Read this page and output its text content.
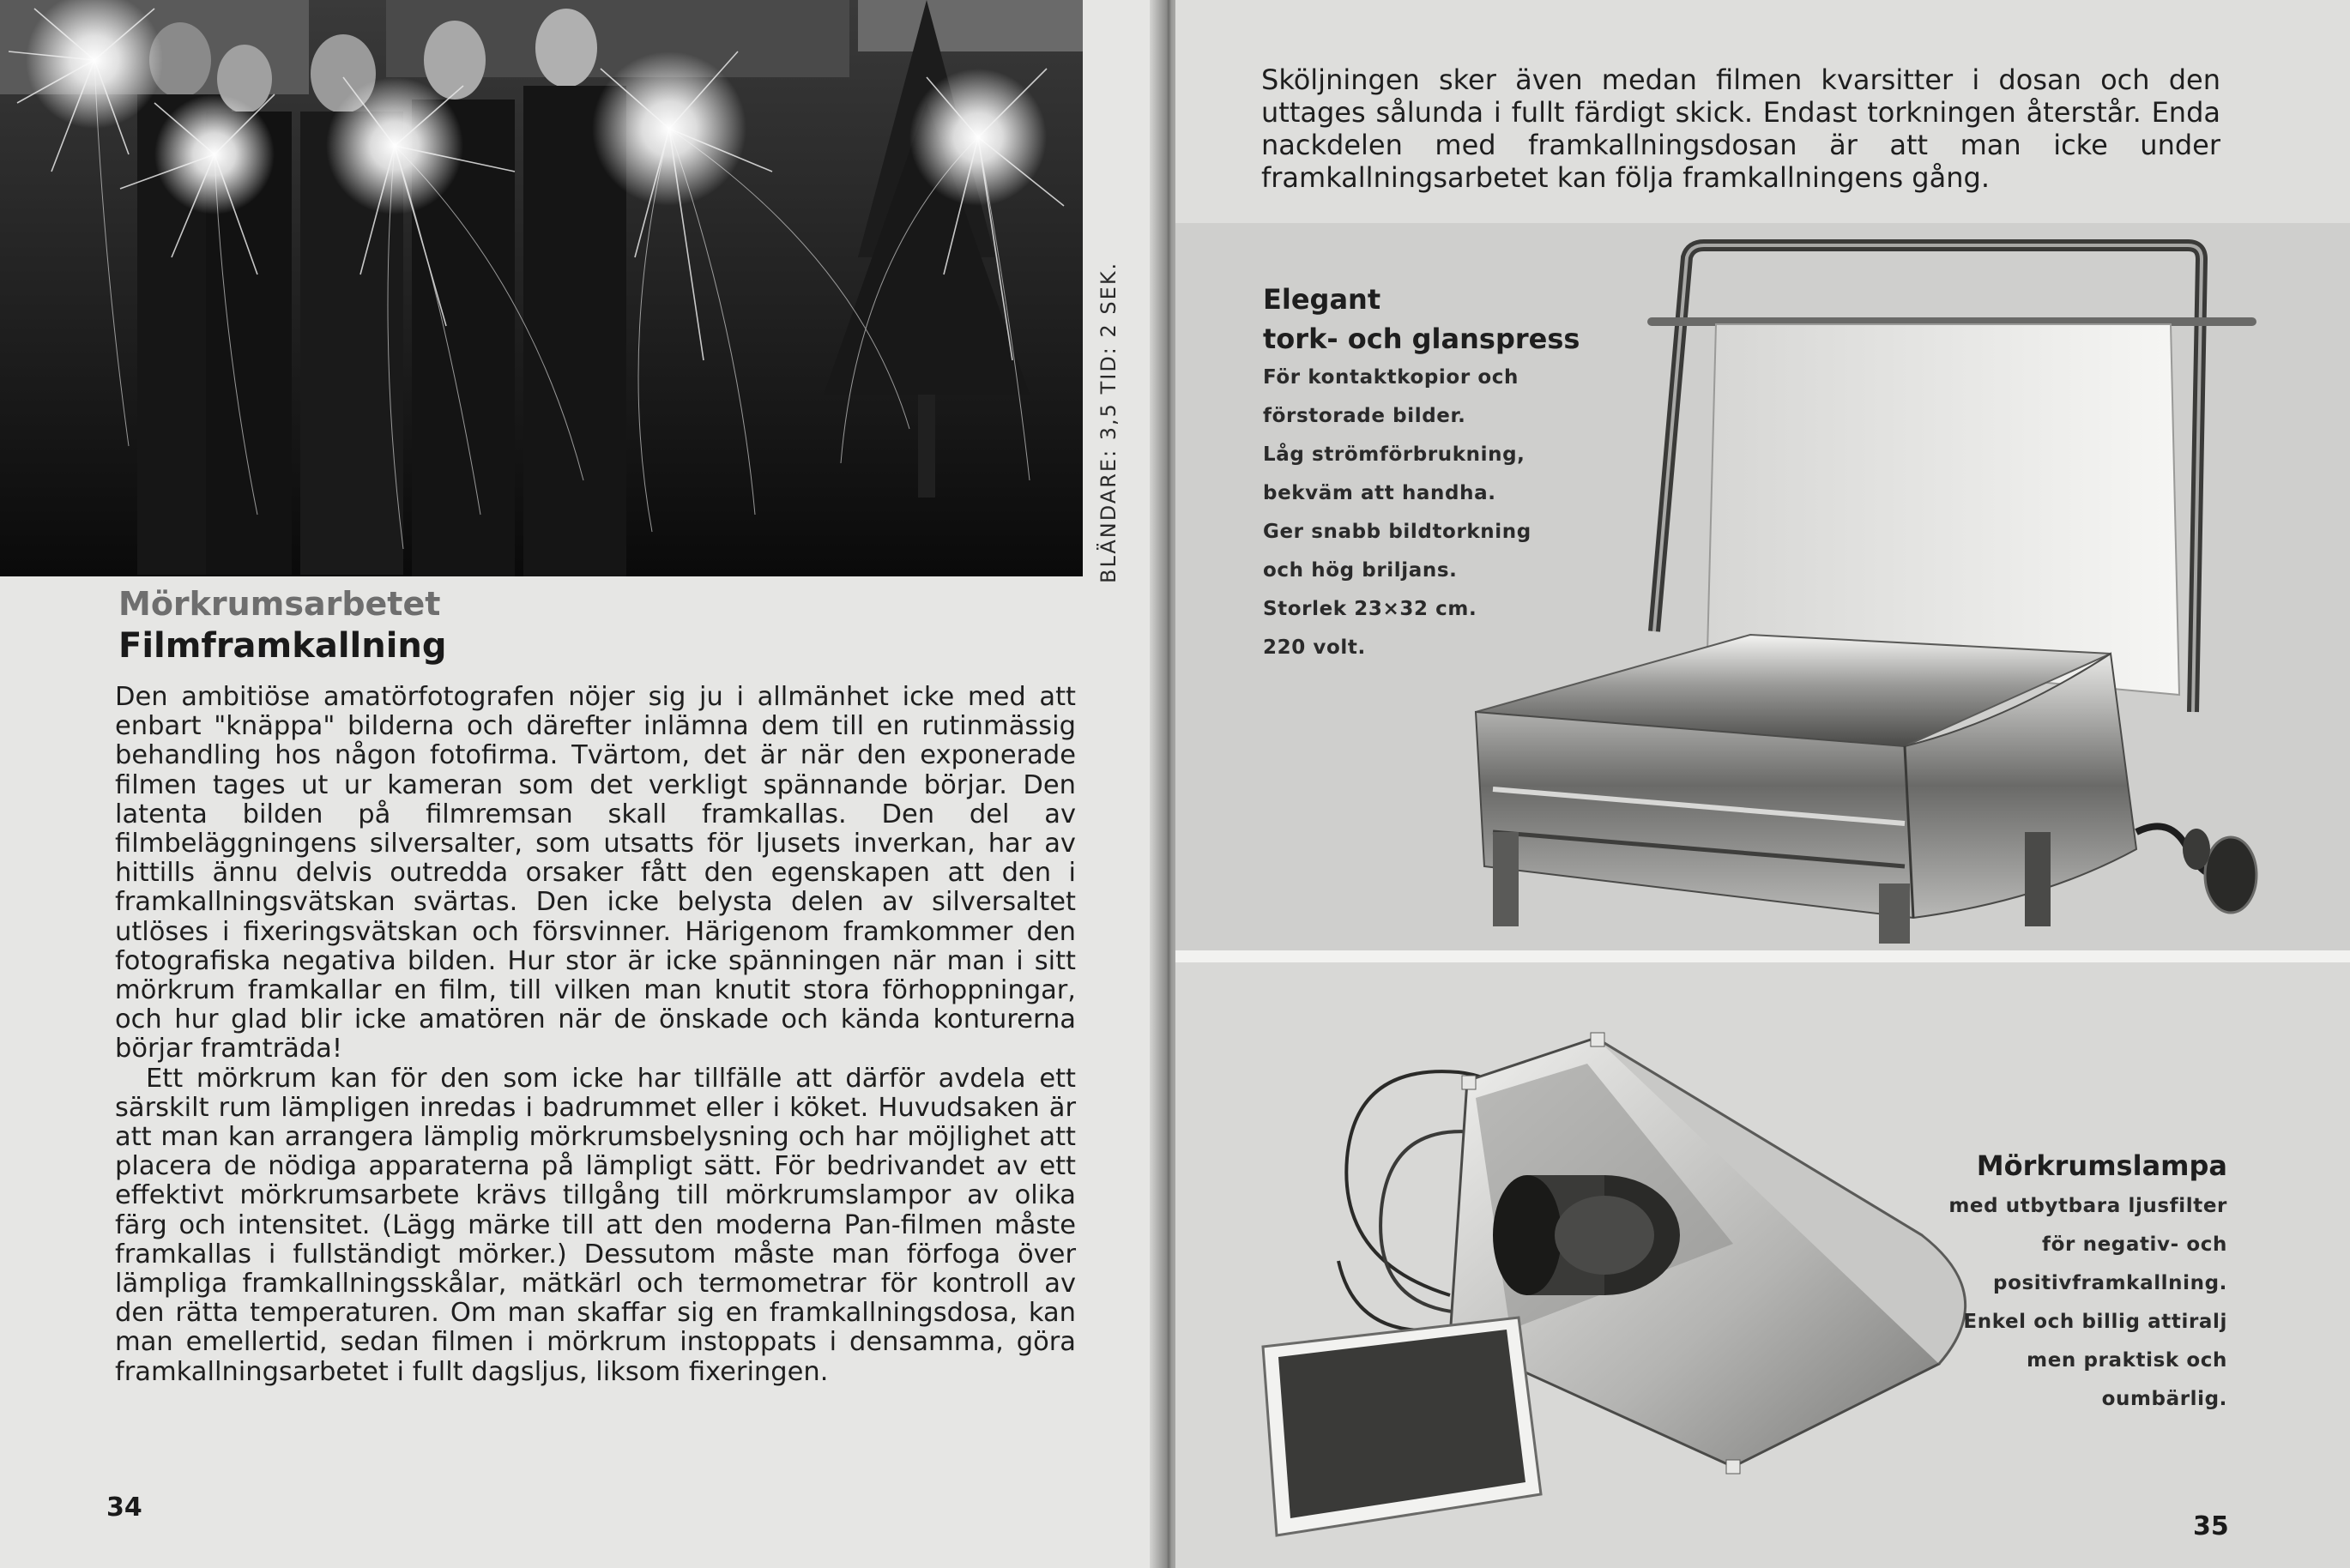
Mörkrumsarbetet
Filmframkallning

Den ambitiöse amatörfotografen nöjer sig ju i allmänhet icke med att enbart "knäppa" bilderna och därefter inlämna dem till en rutinmässig behandling hos någon fotofirma. Tvärtom, det är när den exponerade filmen tages ut ur kameran som det verkligt spännande börjar. Den latenta bilden på filmremsan skall framkallas. Den del av filmbeläggningens silversalter, som utsatts för ljusets inverkan, har av hittills ännu delvis outredda orsaker fått den egenskapen att den i framkallningsvätskan svärtas. Den icke belysta delen av silversaltet utlöses i fixeringsvätskan och försvinner. Härigenom framkommer den fotografiska negativa bilden. Hur stor är icke spänningen när man i sitt mörkrum framkallar en film, till vilken man knutit stora förhoppningar, och hur glad blir icke amatören när de önskade och kända konturerna börjar framträda!

Ett mörkrum kan för den som icke har tillfälle att därför avdela ett särskilt rum lämpligen inredas i badrummet eller i köket. Huvudsaken är att man kan arrangera lämplig mörkrumsbelysning och har möjlighet att placera de nödiga apparaterna på lämpligt sätt. För bedrivandet av ett effektivt mörkrumsarbete krävs tillgång till mörkrumslampor av olika färg och intensitet. (Lägg märke till att den moderna Pan-filmen måste framkallas i fullständigt mörker.) Dessutom måste man förfoga över lämpliga framkallningsskålar, mätkärl och termometrar för kontroll av den rätta temperaturen. Om man skaffar sig en framkallningsdosa, kan man emellertid, sedan filmen i mörkrum instoppats i densamma, göra framkallningsarbetet i fullt dagsljus, liksom fixeringen.

34
BLÄNDARE: 3,5 TID: 2 SEK.
Sköljningen sker även medan filmen kvarsitter i dosan och den uttages sålunda i fullt färdigt skick. Endast torkningen återstår. Enda nackdelen med framkallningsdosan är att man icke under framkallningsarbetet kan följa framkallningens gång.
Elegant
tork- och glanspress
För kontaktkopior och
förstorade bilder.
Låg strömförbrukning,
bekväm att handha.
Ger snabb bildtorkning
och hög briljans.
Storlek 23×32 cm.
220 volt.
Mörkrumslampa
med utbytbara ljusfilter
för negativ- och
positivframkallning.
Enkel och billig attiralj
men praktisk och
oumbärlig.
35
